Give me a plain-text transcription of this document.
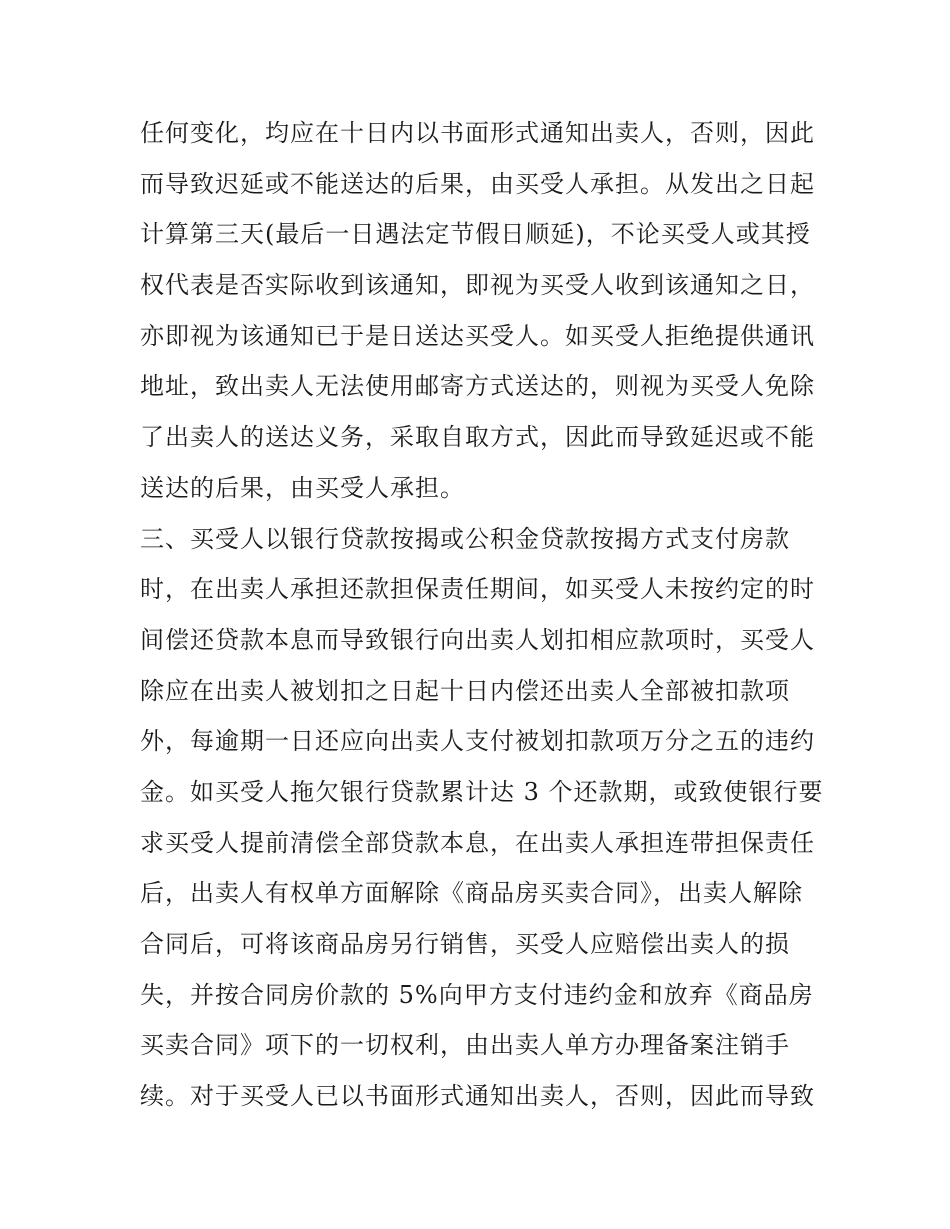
任何变化，均应在十日内以书面形式通知出卖人，否则，因此
而导致迟延或不能送达的后果，由买受人承担。从发出之日起
计算第三天(最后一日遇法定节假日顺延)，不论买受人或其授
权代表是否实际收到该通知，即视为买受人收到该通知之日，
亦即视为该通知已于是日送达买受人。如买受人拒绝提供通讯
地址，致出卖人无法使用邮寄方式送达的，则视为买受人免除
了出卖人的送达义务，采取自取方式，因此而导致延迟或不能
送达的后果，由买受人承担。
三、买受人以银行贷款按揭或公积金贷款按揭方式支付房款
时，在出卖人承担还款担保责任期间，如买受人未按约定的时
间偿还贷款本息而导致银行向出卖人划扣相应款项时，买受人
除应在出卖人被划扣之日起十日内偿还出卖人全部被扣款项
外，每逾期一日还应向出卖人支付被划扣款项万分之五的违约
金。如买受人拖欠银行贷款累计达 3 个还款期，或致使银行要
求买受人提前清偿全部贷款本息，在出卖人承担连带担保责任
后，出卖人有权单方面解除《商品房买卖合同》，出卖人解除
合同后，可将该商品房另行销售，买受人应赔偿出卖人的损
失，并按合同房价款的 5%向甲方支付违约金和放弃《商品房
买卖合同》项下的一切权利，由出卖人单方办理备案注销手
续。对于买受人已以书面形式通知出卖人，否则，因此而导致
